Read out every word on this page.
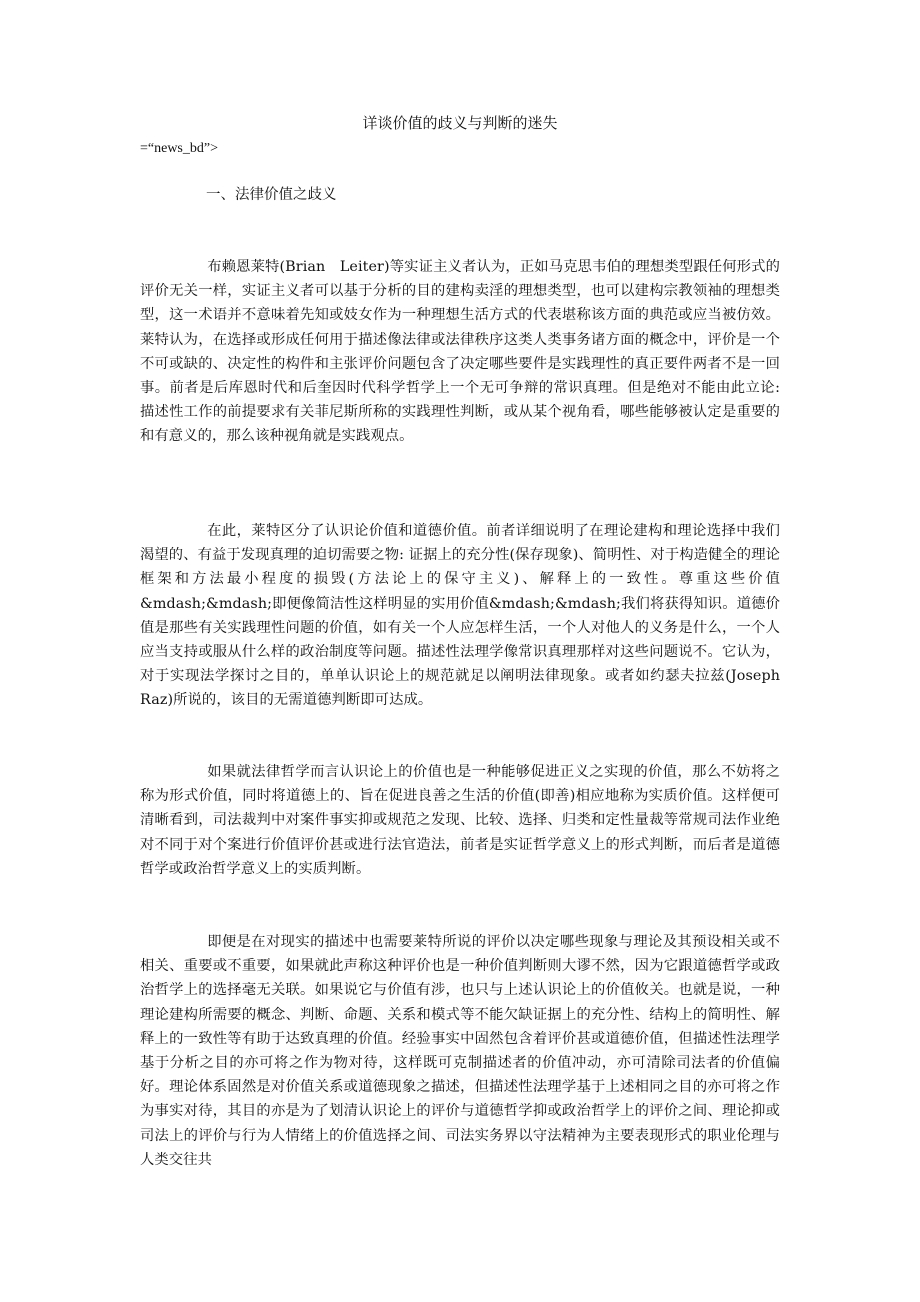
详谈价值的歧义与判断的迷失
=“news_bd”>
一、法律价值之歧义

布赖恩莱特(Brian　Leiter)等实证主义者认为，正如马克思韦伯的理想类型跟任何形式的评价无关一样，实证主义者可以基于分析的目的建构卖淫的理想类型，也可以建构宗教领袖的理想类型，这一术语并不意味着先知或妓女作为一种理想生活方式的代表堪称该方面的典范或应当被仿效。莱特认为，在选择或形成任何用于描述像法律或法律秩序这类人类事务诸方面的概念中，评价是一个不可或缺的、决定性的构件和主张评价问题包含了决定哪些要件是实践理性的真正要件两者不是一回事。前者是后库恩时代和后奎因时代科学哲学上一个无可争辩的常识真理。但是绝对不能由此立论: 描述性工作的前提要求有关菲尼斯所称的实践理性判断，或从某个视角看，哪些能够被认定是重要的和有意义的，那么该种视角就是实践观点。

在此，莱特区分了认识论价值和道德价值。前者详细说明了在理论建构和理论选择中我们渴望的、有益于发现真理的迫切需要之物: 证据上的充分性(保存现象)、简明性、对于构造健全的理论框架和方法最小程度的损毁(方法论上的保守主义)、解释上的一致性。尊重这些价值&mdash;&mdash;即便像简洁性这样明显的实用价值&mdash;&mdash;我们将获得知识。道德价值是那些有关实践理性问题的价值，如有关一个人应怎样生活，一个人对他人的义务是什么，一个人应当支持或服从什么样的政治制度等问题。描述性法理学像常识真理那样对这些问题说不。它认为，对于实现法学探讨之目的，单单认识论上的规范就足以阐明法律现象。或者如约瑟夫拉兹(Joseph　Raz)所说的，该目的无需道德判断即可达成。

如果就法律哲学而言认识论上的价值也是一种能够促进正义之实现的价值，那么不妨将之称为形式价值，同时将道德上的、旨在促进良善之生活的价值(即善)相应地称为实质价值。这样便可清晰看到，司法裁判中对案件事实抑或规范之发现、比较、选择、归类和定性量裁等常规司法作业绝对不同于对个案进行价值评价甚或进行法官造法，前者是实证哲学意义上的形式判断，而后者是道德哲学或政治哲学意义上的实质判断。

即便是在对现实的描述中也需要莱特所说的评价以决定哪些现象与理论及其预设相关或不相关、重要或不重要，如果就此声称这种评价也是一种价值判断则大谬不然，因为它跟道德哲学或政治哲学上的选择毫无关联。如果说它与价值有涉，也只与上述认识论上的价值攸关。也就是说，一种理论建构所需要的概念、判断、命题、关系和模式等不能欠缺证据上的充分性、结构上的简明性、解释上的一致性等有助于达致真理的价值。经验事实中固然包含着评价甚或道德价值，但描述性法理学基于分析之目的亦可将之作为物对待，这样既可克制描述者的价值冲动，亦可清除司法者的价值偏好。理论体系固然是对价值关系或道德现象之描述，但描述性法理学基于上述相同之目的亦可将之作为事实对待，其目的亦是为了划清认识论上的评价与道德哲学抑或政治哲学上的评价之间、理论抑或司法上的评价与行为人情绪上的价值选择之间、司法实务界以守法精神为主要表现形式的职业伦理与人类交往共
